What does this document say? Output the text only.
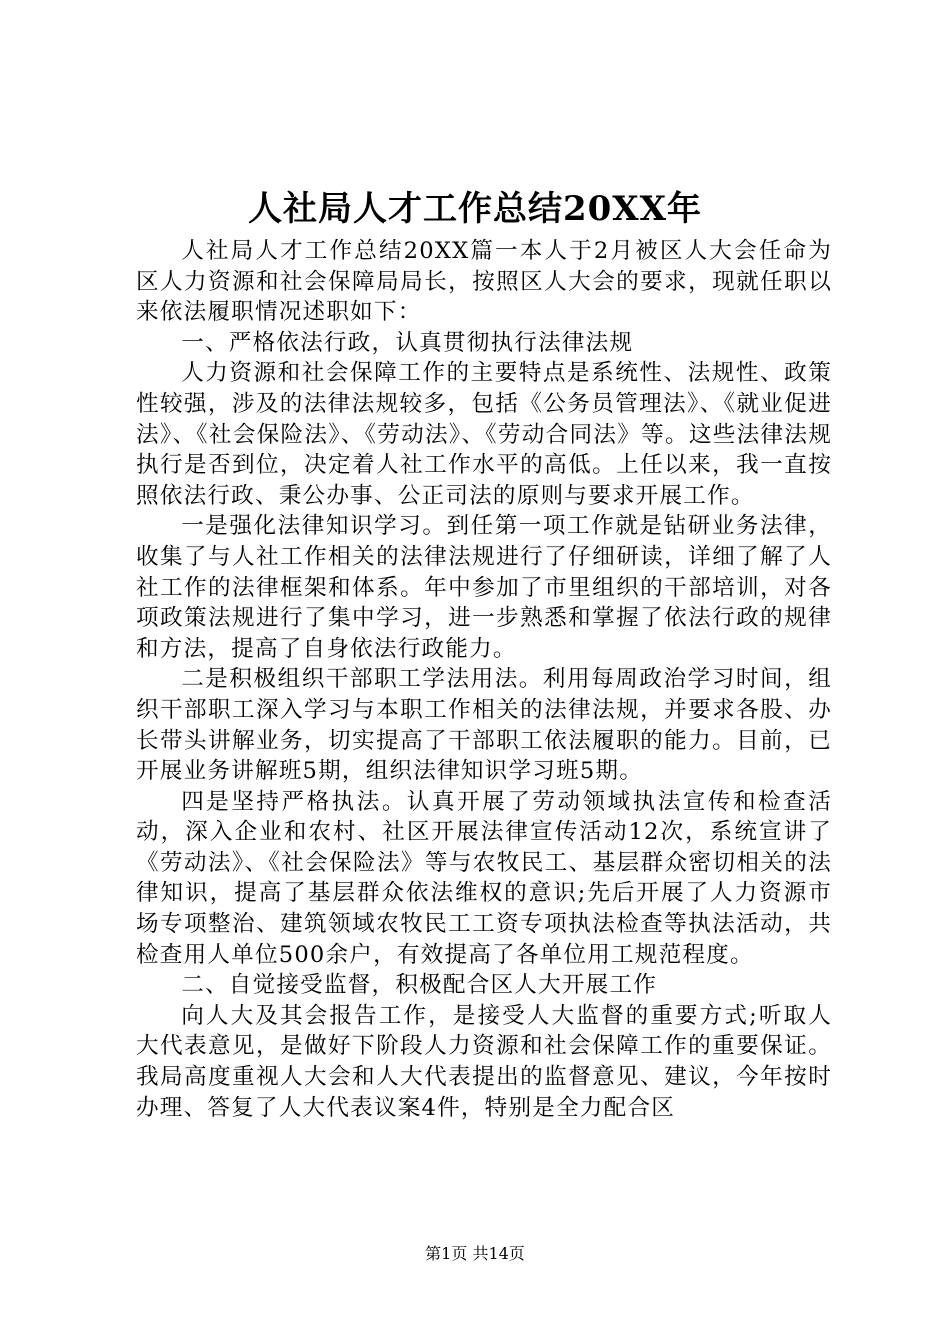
人社局人才工作总结20XX年

人社局人才工作总结20XX篇一本人于2月被区人大会任命为区人力资源和社会保障局局长，按照区人大会的要求，现就任职以来依法履职情况述职如下：

一、严格依法行政，认真贯彻执行法律法规

人力资源和社会保障工作的主要特点是系统性、法规性、政策性较强，涉及的法律法规较多，包括《公务员管理法》、《就业促进法》、《社会保险法》、《劳动法》、《劳动合同法》等。这些法律法规执行是否到位，决定着人社工作水平的高低。上任以来，我一直按照依法行政、秉公办事、公正司法的原则与要求开展工作。

一是强化法律知识学习。到任第一项工作就是钻研业务法律，收集了与人社工作相关的法律法规进行了仔细研读，详细了解了人社工作的法律框架和体系。年中参加了市里组织的干部培训，对各项政策法规进行了集中学习，进一步熟悉和掌握了依法行政的规律和方法，提高了自身依法行政能力。

二是积极组织干部职工学法用法。利用每周政治学习时间，组织干部职工深入学习与本职工作相关的法律法规，并要求各股、办长带头讲解业务，切实提高了干部职工依法履职的能力。目前，已开展业务讲解班5期，组织法律知识学习班5期。

四是坚持严格执法。认真开展了劳动领域执法宣传和检查活动，深入企业和农村、社区开展法律宣传活动12次，系统宣讲了《劳动法》、《社会保险法》等与农牧民工、基层群众密切相关的法律知识，提高了基层群众依法维权的意识;先后开展了人力资源市场专项整治、建筑领域农牧民工工资专项执法检查等执法活动，共检查用人单位500余户，有效提高了各单位用工规范程度。

二、自觉接受监督，积极配合区人大开展工作

向人大及其会报告工作，是接受人大监督的重要方式;听取人大代表意见，是做好下阶段人力资源和社会保障工作的重要保证。我局高度重视人大会和人大代表提出的监督意见、建议，今年按时办理、答复了人大代表议案4件，特别是全力配合区

第1页 共14页
